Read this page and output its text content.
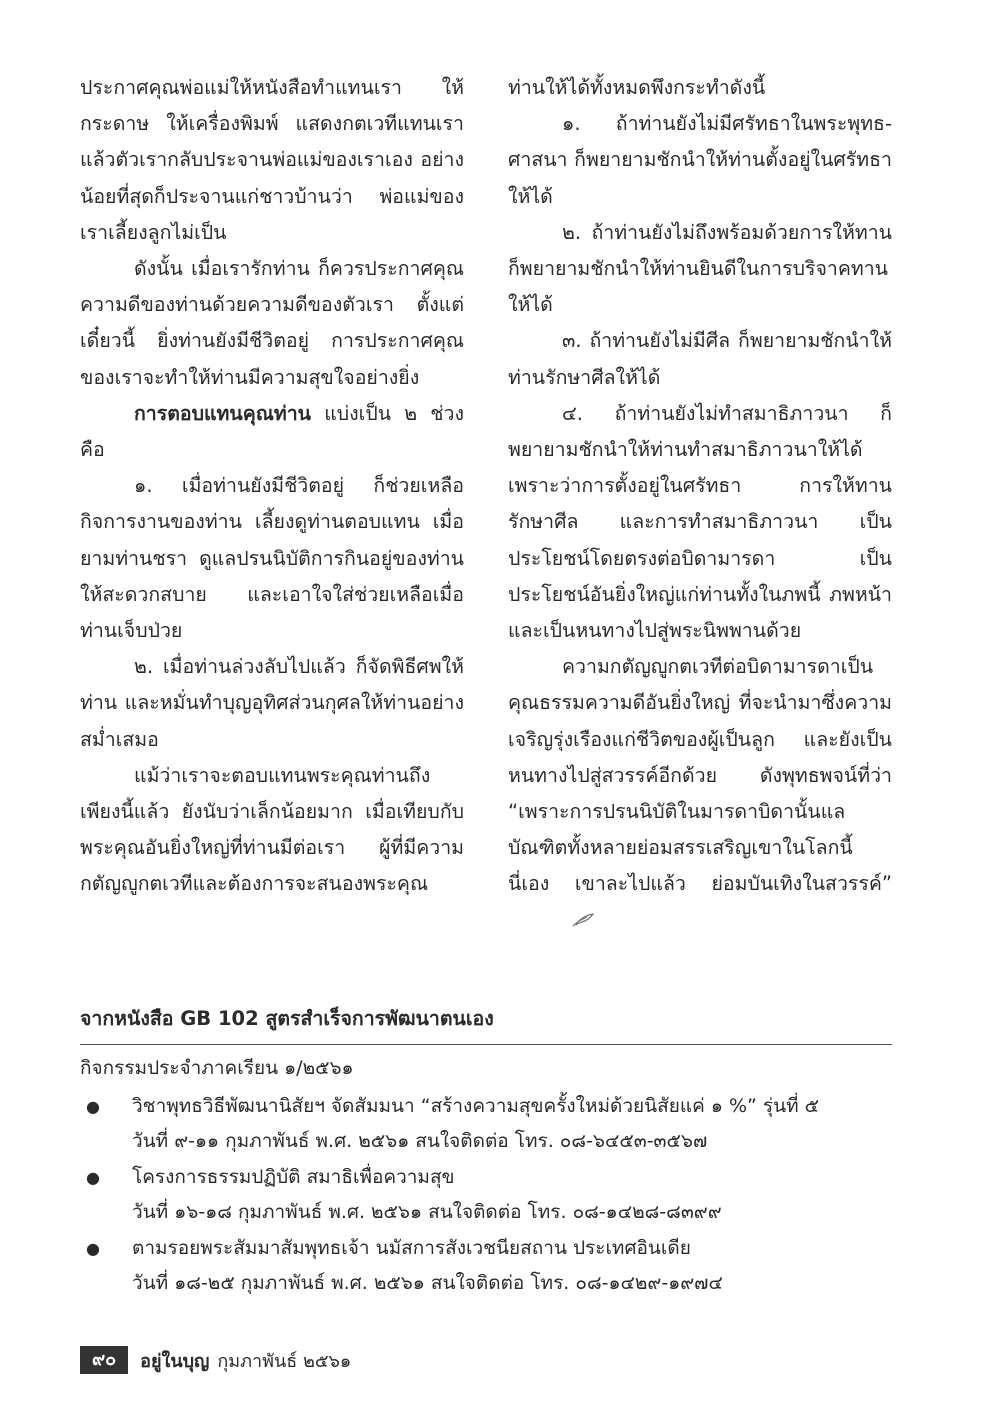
ประกาศคุณพ่อแม่ให้หนังสือทำแทนเรา ให้กระดาษ ให้เครื่องพิมพ์ แสดงกตเวทีแทนเรา แล้วตัวเรากลับประจานพ่อแม่ของเราเอง อย่างน้อยที่สุดก็ประจานแก่ชาวบ้านว่า พ่อแม่ของเราเลี้ยงลูกไม่เป็น

ดังนั้น เมื่อเรารักท่าน ก็ควรประกาศคุณความดีของท่านด้วยความดีของตัวเรา ตั้งแต่เดี๋ยวนี้ ยิ่งท่านยังมีชีวิตอยู่ การประกาศคุณของเราจะทำให้ท่านมีความสุขใจอย่างยิ่ง

การตอบแทนคุณท่าน แบ่งเป็น ๒ ช่วง คือ

๑. เมื่อท่านยังมีชีวิตอยู่ ก็ช่วยเหลือกิจการงานของท่าน เลี้ยงดูท่านตอบแทน เมื่อยามท่านชรา ดูแลปรนนิบัติการกินอยู่ของท่านให้สะดวกสบาย และเอาใจใส่ช่วยเหลือเมื่อท่านเจ็บป่วย

๒. เมื่อท่านล่วงลับไปแล้ว ก็จัดพิธีศพให้ท่าน และหมั่นทำบุญอุทิศส่วนกุศลให้ท่านอย่างสม่ำเสมอ

แม้ว่าเราจะตอบแทนพระคุณท่านถึงเพียงนี้แล้ว ยังนับว่าเล็กน้อยมาก เมื่อเทียบกับพระคุณอันยิ่งใหญ่ที่ท่านมีต่อเรา ผู้ที่มีความกตัญญูกตเวทีและต้องการจะสนองพระคุณ

ท่านให้ได้ทั้งหมดพึงกระทำดังนี้

๑. ถ้าท่านยังไม่มีศรัทธาในพระพุทธ-ศาสนา ก็พยายามชักนำให้ท่านตั้งอยู่ในศรัทธาให้ได้

๒. ถ้าท่านยังไม่ถึงพร้อมด้วยการให้ทาน ก็พยายามชักนำให้ท่านยินดีในการบริจาคทานให้ได้

๓. ถ้าท่านยังไม่มีศีล ก็พยายามชักนำให้ท่านรักษาศีลให้ได้

๔. ถ้าท่านยังไม่ทำสมาธิภาวนา ก็พยายามชักนำให้ท่านทำสมาธิภาวนาให้ได้ เพราะว่าการตั้งอยู่ในศรัทธา การให้ทาน รักษาศีล และการทำสมาธิภาวนา เป็นประโยชน์โดยตรงต่อบิดามารดา เป็นประโยชน์อันยิ่งใหญ่แก่ท่านทั้งในภพนี้ ภพหน้า และเป็นหนทางไปสู่พระนิพพานด้วย

ความกตัญญูกตเวทีต่อบิดามารดาเป็นคุณธรรมความดีอันยิ่งใหญ่ ที่จะนำมาซึ่งความเจริญรุ่งเรืองแก่ชีวิตของผู้เป็นลูก และยังเป็นหนทางไปสู่สวรรค์อีกด้วย ดังพุทธพจน์ที่ว่า “เพราะการปรนนิบัติในมารดาบิดานั้นแล บัณฑิตทั้งหลายย่อมสรรเสริญเขาในโลกนี้นี่เอง เขาละไปแล้ว ย่อมบันเทิงในสวรรค์”

จากหนังสือ GB 102 สูตรสำเร็จการพัฒนาตนเอง
กิจกรรมประจำภาคเรียน ๑/๒๕๖๑
● วิชาพุทธวิธีพัฒนานิสัยฯ จัดสัมมนา “สร้างความสุขครั้งใหม่ด้วยนิสัยแค่ ๑ %” รุ่นที่ ๕
วันที่ ๙-๑๑ กุมภาพันธ์ พ.ศ. ๒๕๖๑ สนใจติดต่อ โทร. ๐๘-๖๔๕๓-๓๕๖๗
● โครงการธรรมปฏิบัติ สมาธิเพื่อความสุข
วันที่ ๑๖-๑๘ กุมภาพันธ์ พ.ศ. ๒๕๖๑ สนใจติดต่อ โทร. ๐๘-๑๔๒๘-๘๓๙๙
● ตามรอยพระสัมมาสัมพุทธเจ้า นมัสการสังเวชนียสถาน ประเทศอินเดีย
วันที่ ๑๘-๒๕ กุมภาพันธ์ พ.ศ. ๒๕๖๑ สนใจติดต่อ โทร. ๐๘-๑๔๒๙-๑๙๗๔
๙๐	อยู่ในบุญ กุมภาพันธ์ ๒๕๖๑
